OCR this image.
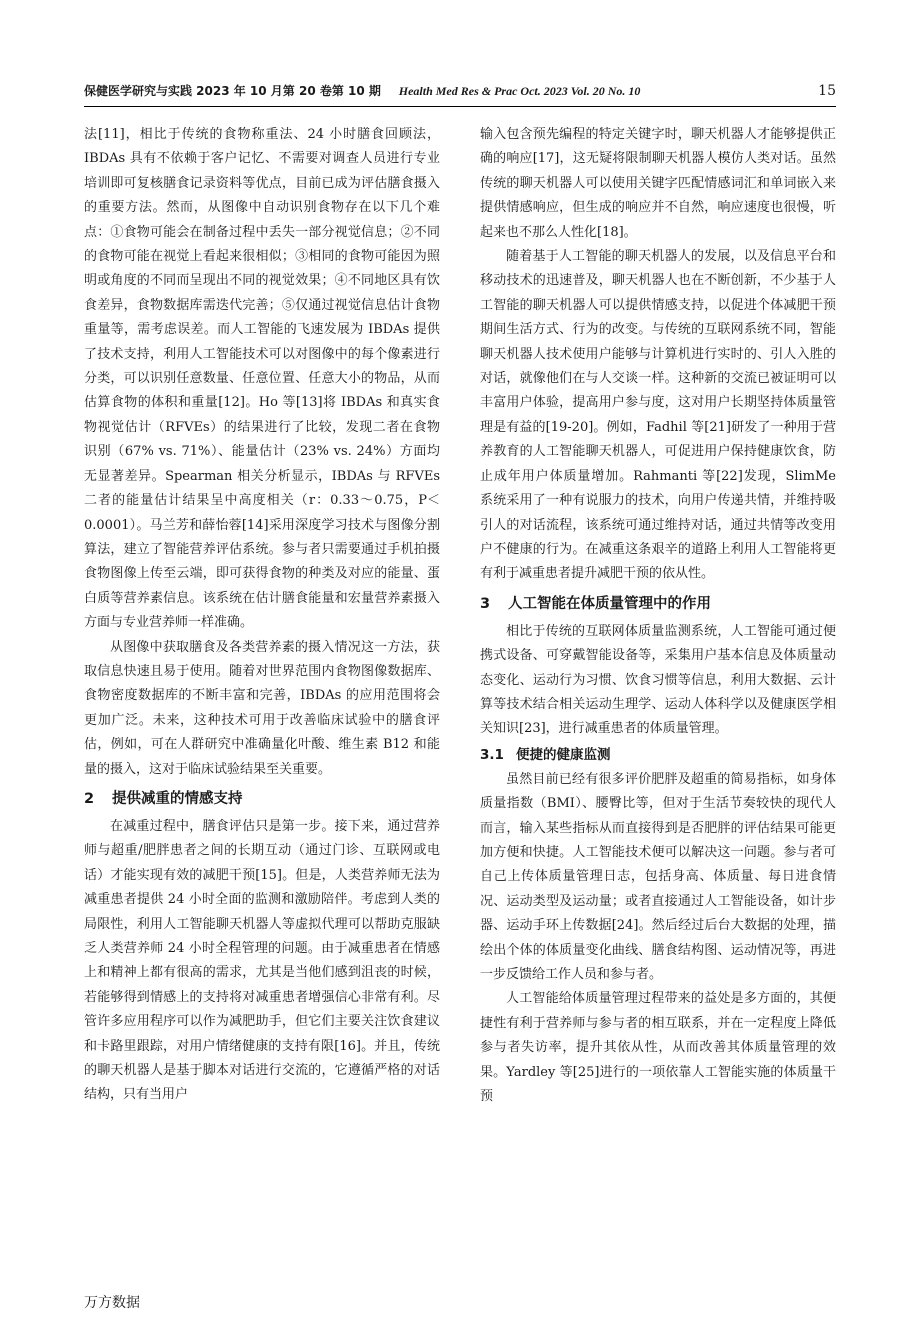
保健医学研究与实践 2023 年 10 月第 20 卷第 10 期 Health Med Res & Prac Oct. 2023 Vol. 20 No. 10	15

法[11]，相比于传统的食物称重法、24 小时膳食回顾法，IBDAs 具有不依赖于客户记忆、不需要对调查人员进行专业培训即可复核膳食记录资料等优点，目前已成为评估膳食摄入的重要方法。然而，从图像中自动识别食物存在以下几个难点：①食物可能会在制备过程中丢失一部分视觉信息；②不同的食物可能在视觉上看起来很相似；③相同的食物可能因为照明或角度的不同而呈现出不同的视觉效果；④不同地区具有饮食差异，食物数据库需迭代完善；⑤仅通过视觉信息估计食物重量等，需考虑误差。而人工智能的飞速发展为 IBDAs 提供了技术支持，利用人工智能技术可以对图像中的每个像素进行分类，可以识别任意数量、任意位置、任意大小的物品，从而估算食物的体积和重量[12]。Ho 等[13]将 IBDAs 和真实食物视觉估计（RFVEs）的结果进行了比较，发现二者在食物识别（67% vs. 71%）、能量估计（23% vs. 24%）方面均无显著差异。Spearman 相关分析显示，IBDAs 与 RFVEs 二者的能量估计结果呈中高度相关（r：0.33～0.75，P＜0.0001）。马兰芳和薛怡蓉[14]采用深度学习技术与图像分割算法，建立了智能营养评估系统。参与者只需要通过手机拍摄食物图像上传至云端，即可获得食物的种类及对应的能量、蛋白质等营养素信息。该系统在估计膳食能量和宏量营养素摄入方面与专业营养师一样准确。

从图像中获取膳食及各类营养素的摄入情况这一方法，获取信息快速且易于使用。随着对世界范围内食物图像数据库、食物密度数据库的不断丰富和完善，IBDAs 的应用范围将会更加广泛。未来，这种技术可用于改善临床试验中的膳食评估，例如，可在人群研究中准确量化叶酸、维生素 B12 和能量的摄入，这对于临床试验结果至关重要。

2 提供减重的情感支持

在减重过程中，膳食评估只是第一步。接下来，通过营养师与超重/肥胖患者之间的长期互动（通过门诊、互联网或电话）才能实现有效的减肥干预[15]。但是，人类营养师无法为减重患者提供 24 小时全面的监测和激励陪伴。考虑到人类的局限性，利用人工智能聊天机器人等虚拟代理可以帮助克服缺乏人类营养师 24 小时全程管理的问题。由于减重患者在情感上和精神上都有很高的需求，尤其是当他们感到沮丧的时候，若能够得到情感上的支持将对减重患者增强信心非常有利。尽管许多应用程序可以作为减肥助手，但它们主要关注饮食建议和卡路里跟踪，对用户情绪健康的支持有限[16]。并且，传统的聊天机器人是基于脚本对话进行交流的，它遵循严格的对话结构，只有当用户

输入包含预先编程的特定关键字时，聊天机器人才能够提供正确的响应[17]，这无疑将限制聊天机器人模仿人类对话。虽然传统的聊天机器人可以使用关键字匹配情感词汇和单词嵌入来提供情感响应，但生成的响应并不自然，响应速度也很慢，听起来也不那么人性化[18]。

随着基于人工智能的聊天机器人的发展，以及信息平台和移动技术的迅速普及，聊天机器人也在不断创新，不少基于人工智能的聊天机器人可以提供情感支持，以促进个体减肥干预期间生活方式、行为的改变。与传统的互联网系统不同，智能聊天机器人技术使用户能够与计算机进行实时的、引人入胜的对话，就像他们在与人交谈一样。这种新的交流已被证明可以丰富用户体验，提高用户参与度，这对用户长期坚持体质量管理是有益的[19-20]。例如，Fadhil 等[21]研发了一种用于营养教育的人工智能聊天机器人，可促进用户保持健康饮食，防止成年用户体质量增加。Rahmanti 等[22]发现，SlimMe 系统采用了一种有说服力的技术，向用户传递共情，并维持吸引人的对话流程，该系统可通过维持对话，通过共情等改变用户不健康的行为。在减重这条艰辛的道路上利用人工智能将更有利于减重患者提升减肥干预的依从性。

3 人工智能在体质量管理中的作用

相比于传统的互联网体质量监测系统，人工智能可通过便携式设备、可穿戴智能设备等，采集用户基本信息及体质量动态变化、运动行为习惯、饮食习惯等信息，利用大数据、云计算等技术结合相关运动生理学、运动人体科学以及健康医学相关知识[23]，进行减重患者的体质量管理。

3.1 便捷的健康监测

虽然目前已经有很多评价肥胖及超重的简易指标，如身体质量指数（BMI）、腰臀比等，但对于生活节奏较快的现代人而言，输入某些指标从而直接得到是否肥胖的评估结果可能更加方便和快捷。人工智能技术便可以解决这一问题。参与者可自己上传体质量管理日志，包括身高、体质量、每日进食情况、运动类型及运动量；或者直接通过人工智能设备，如计步器、运动手环上传数据[24]。然后经过后台大数据的处理，描绘出个体的体质量变化曲线、膳食结构图、运动情况等，再进一步反馈给工作人员和参与者。

人工智能给体质量管理过程带来的益处是多方面的，其便捷性有利于营养师与参与者的相互联系，并在一定程度上降低参与者失访率，提升其依从性，从而改善其体质量管理的效果。Yardley 等[25]进行的一项依靠人工智能实施的体质量干预

万方数据
